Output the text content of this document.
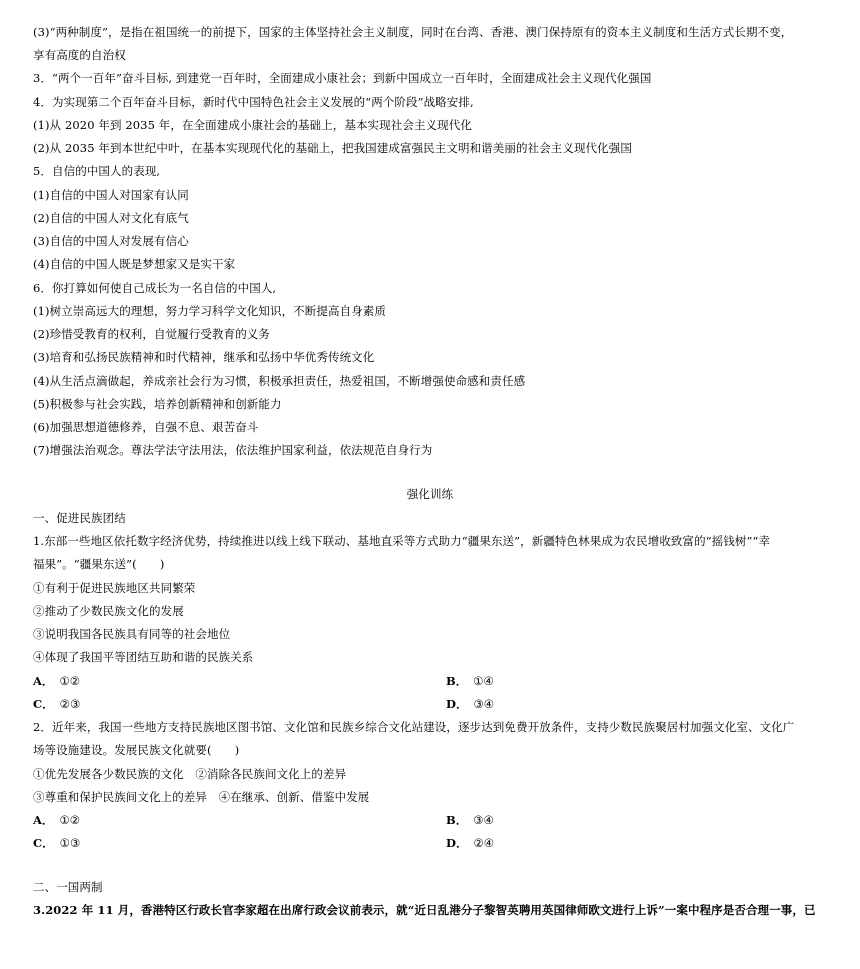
(3)“两种制度”，是指在祖国统一的前提下，国家的主体坚持社会主义制度，同时在台湾、香港、澳门保持原有的资本主义制度和生活方式长期不变，
享有高度的自治权
3．“两个一百年”奋斗目标, 到建党一百年时，全面建成小康社会；到新中国成立一百年时，全面建成社会主义现代化强国
4．为实现第二个百年奋斗目标，新时代中国特色社会主义发展的“两个阶段”战略安排,
(1)从 2020 年到 2035 年，在全面建成小康社会的基础上，基本实现社会主义现代化
(2)从 2035 年到本世纪中叶，在基本实现现代化的基础上，把我国建成富强民主文明和谐美丽的社会主义现代化强国
5．自信的中国人的表现,
(1)自信的中国人对国家有认同
(2)自信的中国人对文化有底气
(3)自信的中国人对发展有信心
(4)自信的中国人既是梦想家又是实干家
6．你打算如何使自己成长为一名自信的中国人,
(1)树立崇高远大的理想，努力学习科学文化知识，不断提高自身素质
(2)珍惜受教育的权利，自觉履行受教育的义务
(3)培育和弘扬民族精神和时代精神，继承和弘扬中华优秀传统文化
(4)从生活点滴做起，养成亲社会行为习惯，积极承担责任，热爱祖国，不断增强使命感和责任感
(5)积极参与社会实践，培养创新精神和创新能力
(6)加强思想道德修养，自强不息、艰苦奋斗
(7)增强法治观念。尊法学法守法用法，依法维护国家利益，依法规范自身行为
强化训练
一、促进民族团结
1.东部一些地区依托数字经济优势，持续推进以线上线下联动、基地直采等方式助力“疆果东送”，新疆特色林果成为农民增收致富的“摇钱树”“幸
福果”。“疆果东送”(　　)
①有利于促进民族地区共同繁荣
②推动了少数民族文化的发展
③说明我国各民族具有同等的社会地位
④体现了我国平等团结互助和谐的民族关系
A． ①②	B． ①④
C． ②③	D． ③④
2．近年来，我国一些地方支持民族地区图书馆、文化馆和民族乡综合文化站建设，逐步达到免费开放条件，支持少数民族聚居村加强文化室、文化广
场等设施建设。发展民族文化就要(　　)
①优先发展各少数民族的文化　②消除各民族间文化上的差异
③尊重和保护民族间文化上的差异　④在继承、创新、借鉴中发展
A． ①②	B． ③④
C． ①③	D． ②④
二、一国两制
3.2022 年 11 月，香港特区行政长官李家超在出席行政会议前表示，就“近日乱港分子黎智英聘用英国律师欧文进行上诉”一案中程序是否合理一事，已
